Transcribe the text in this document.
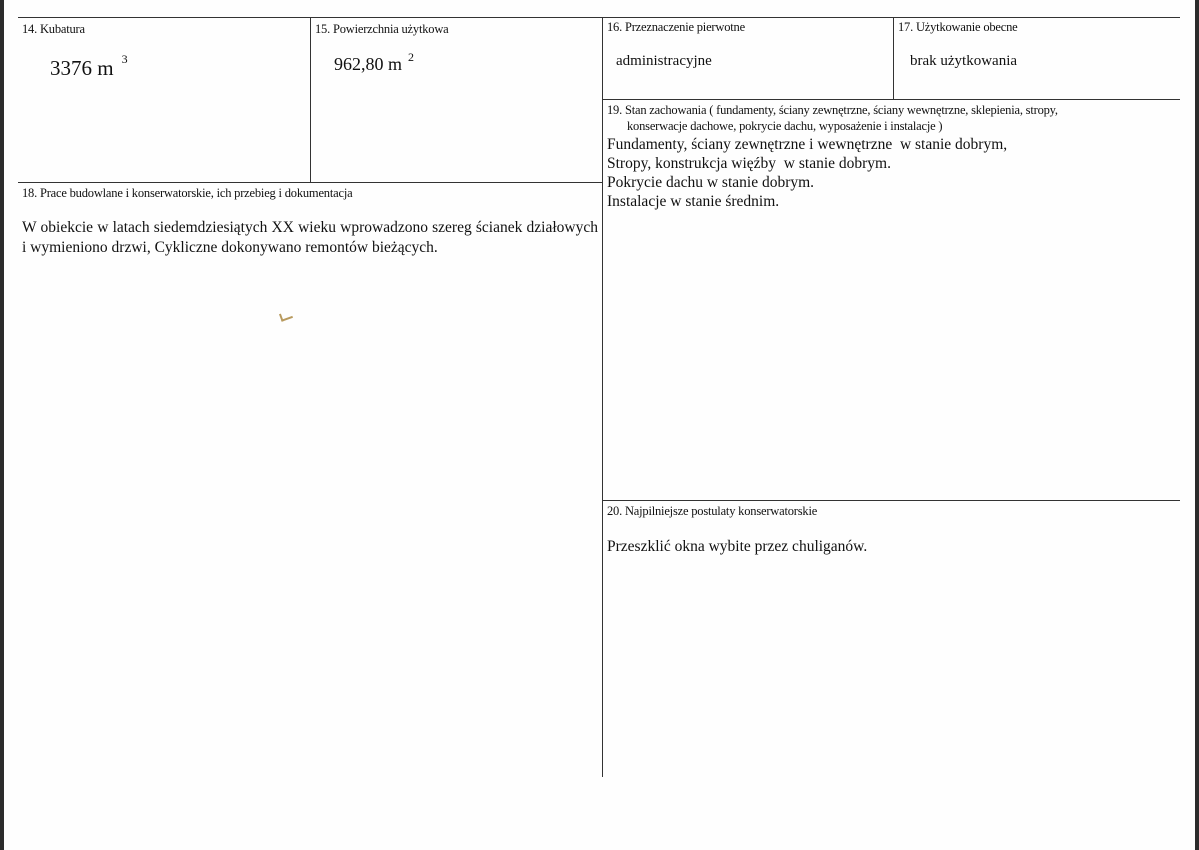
14. Kubatura
3376 m $^3$
15. Powierzchnia użytkowa
962,80 m $^2$
16. Przeznaczenie pierwotne
administracyjne
17. Użytkowanie obecne
brak użytkowania
19. Stan zachowania ( fundamenty, ściany zewnętrzne, ściany wewnętrzne, sklepienia, stropy,
konserwacje dachowe, pokrycie dachu, wyposażenie i instalacje )
Fundamenty, ściany zewnętrzne i wewnętrzne  w stanie dobrym,
Stropy, konstrukcja więźby  w stanie dobrym.
Pokrycie dachu w stanie dobrym.
Instalacje w stanie średnim.
18. Prace budowlane i konserwatorskie, ich przebieg i dokumentacja
W obiekcie w latach siedemdziesiątych XX wieku wprowadzono szereg ścianek działowych i wymieniono drzwi, Cykliczne dokonywano remontów bieżących.
20. Najpilniejsze postulaty konserwatorskie
Przeszklić okna wybite przez chuliganów.
